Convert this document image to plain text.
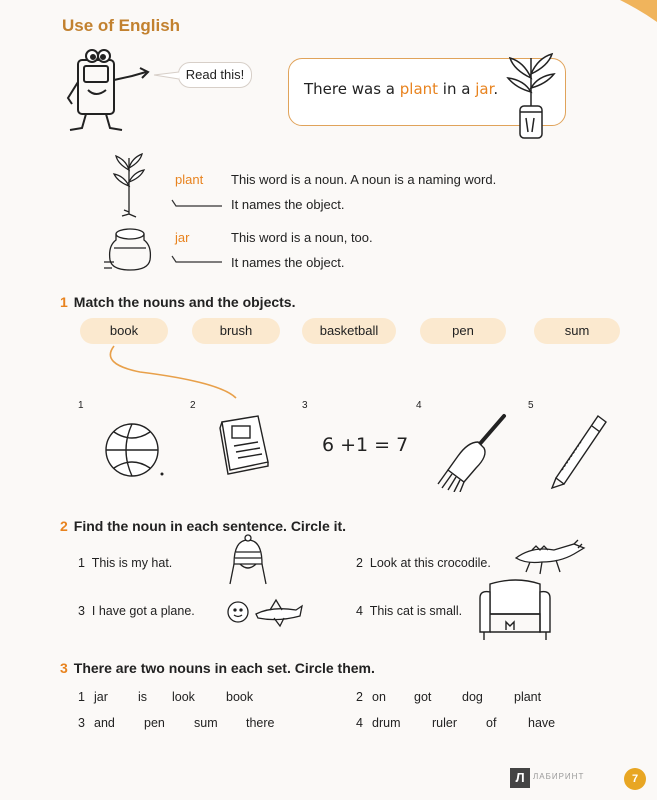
Use of English
Read this!
There was a plant in a jar.
plant This word is a noun. A noun is a naming word.
It names the object.
jar	This word is a noun, too.
It names the object.
1 Match the nouns and the objects.
book	brush	basketball	pen	sum
1	2	3	4	5
6 +1 = 7
2 Find the noun in each sentence. Circle it.
1 This is my hat.	2 Look at this crocodile.
3 I have got a plane.	4 This cat is small.
3 There are two nouns in each set. Circle them.
1 jar is look book	2 on got dog plant
3 and pen sum there	4 drum	ruler of	have
Л	ЛАБИРИНТ	7
